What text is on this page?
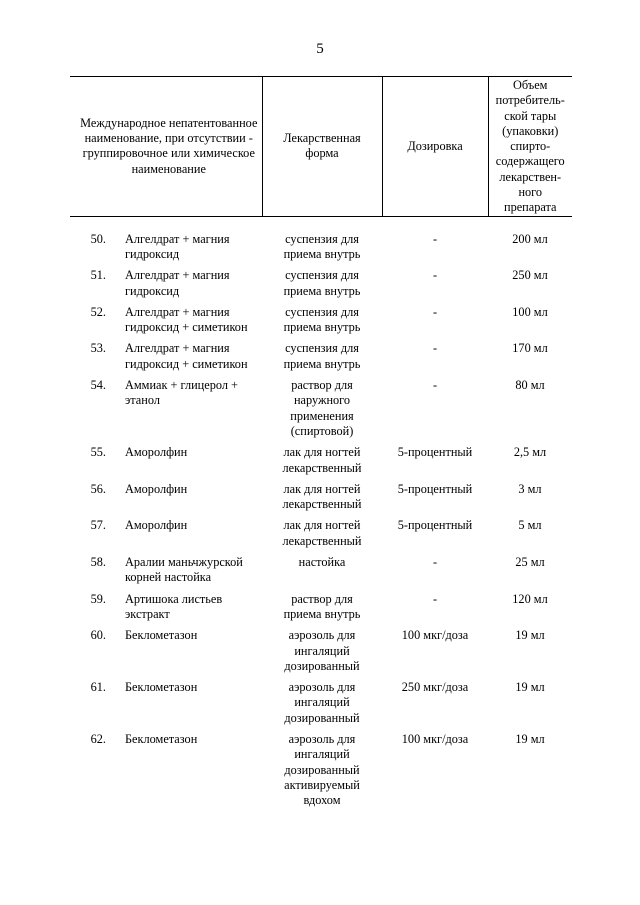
5
Международное непатентованное наименование, при отсутствии - группировочное или химическое наименование	Лекарственная форма	Дозировка	Объем потребитель-ской тары (упаковки) спирто-содержащего лекарствен-ного препарата

50. Алгелдрат + магния гидроксид	суспензия для приема внутрь	-	200 мл

51. Алгелдрат + магния гидроксид	суспензия для приема внутрь	-	250 мл

52. Алгелдрат + магния гидроксид + симетикон	суспензия для приема внутрь	-	100 мл

53. Алгелдрат + магния гидроксид + симетикон	суспензия для приема внутрь	-	170 мл

54. Аммиак + глицерол + этанол	раствор для наружного применения (спиртовой)	-	80 мл

55. Аморолфин	лак для ногтей лекарственный	5-процентный	2,5 мл

56. Аморолфин	лак для ногтей лекарственный	5-процентный	3 мл

57. Аморолфин	лак для ногтей лекарственный	5-процентный	5 мл

58. Аралии маньчжурской корней настойка	настойка	-	25 мл

59. Артишока листьев экстракт	раствор для приема внутрь	-	120 мл

60. Беклометазон	аэрозоль для ингаляций дозированный	100 мкг/доза	19 мл

61. Беклометазон	аэрозоль для ингаляций дозированный	250 мкг/доза	19 мл

62. Беклометазон	аэрозоль для ингаляций дозированный активируемый вдохом	100 мкг/доза	19 мл
